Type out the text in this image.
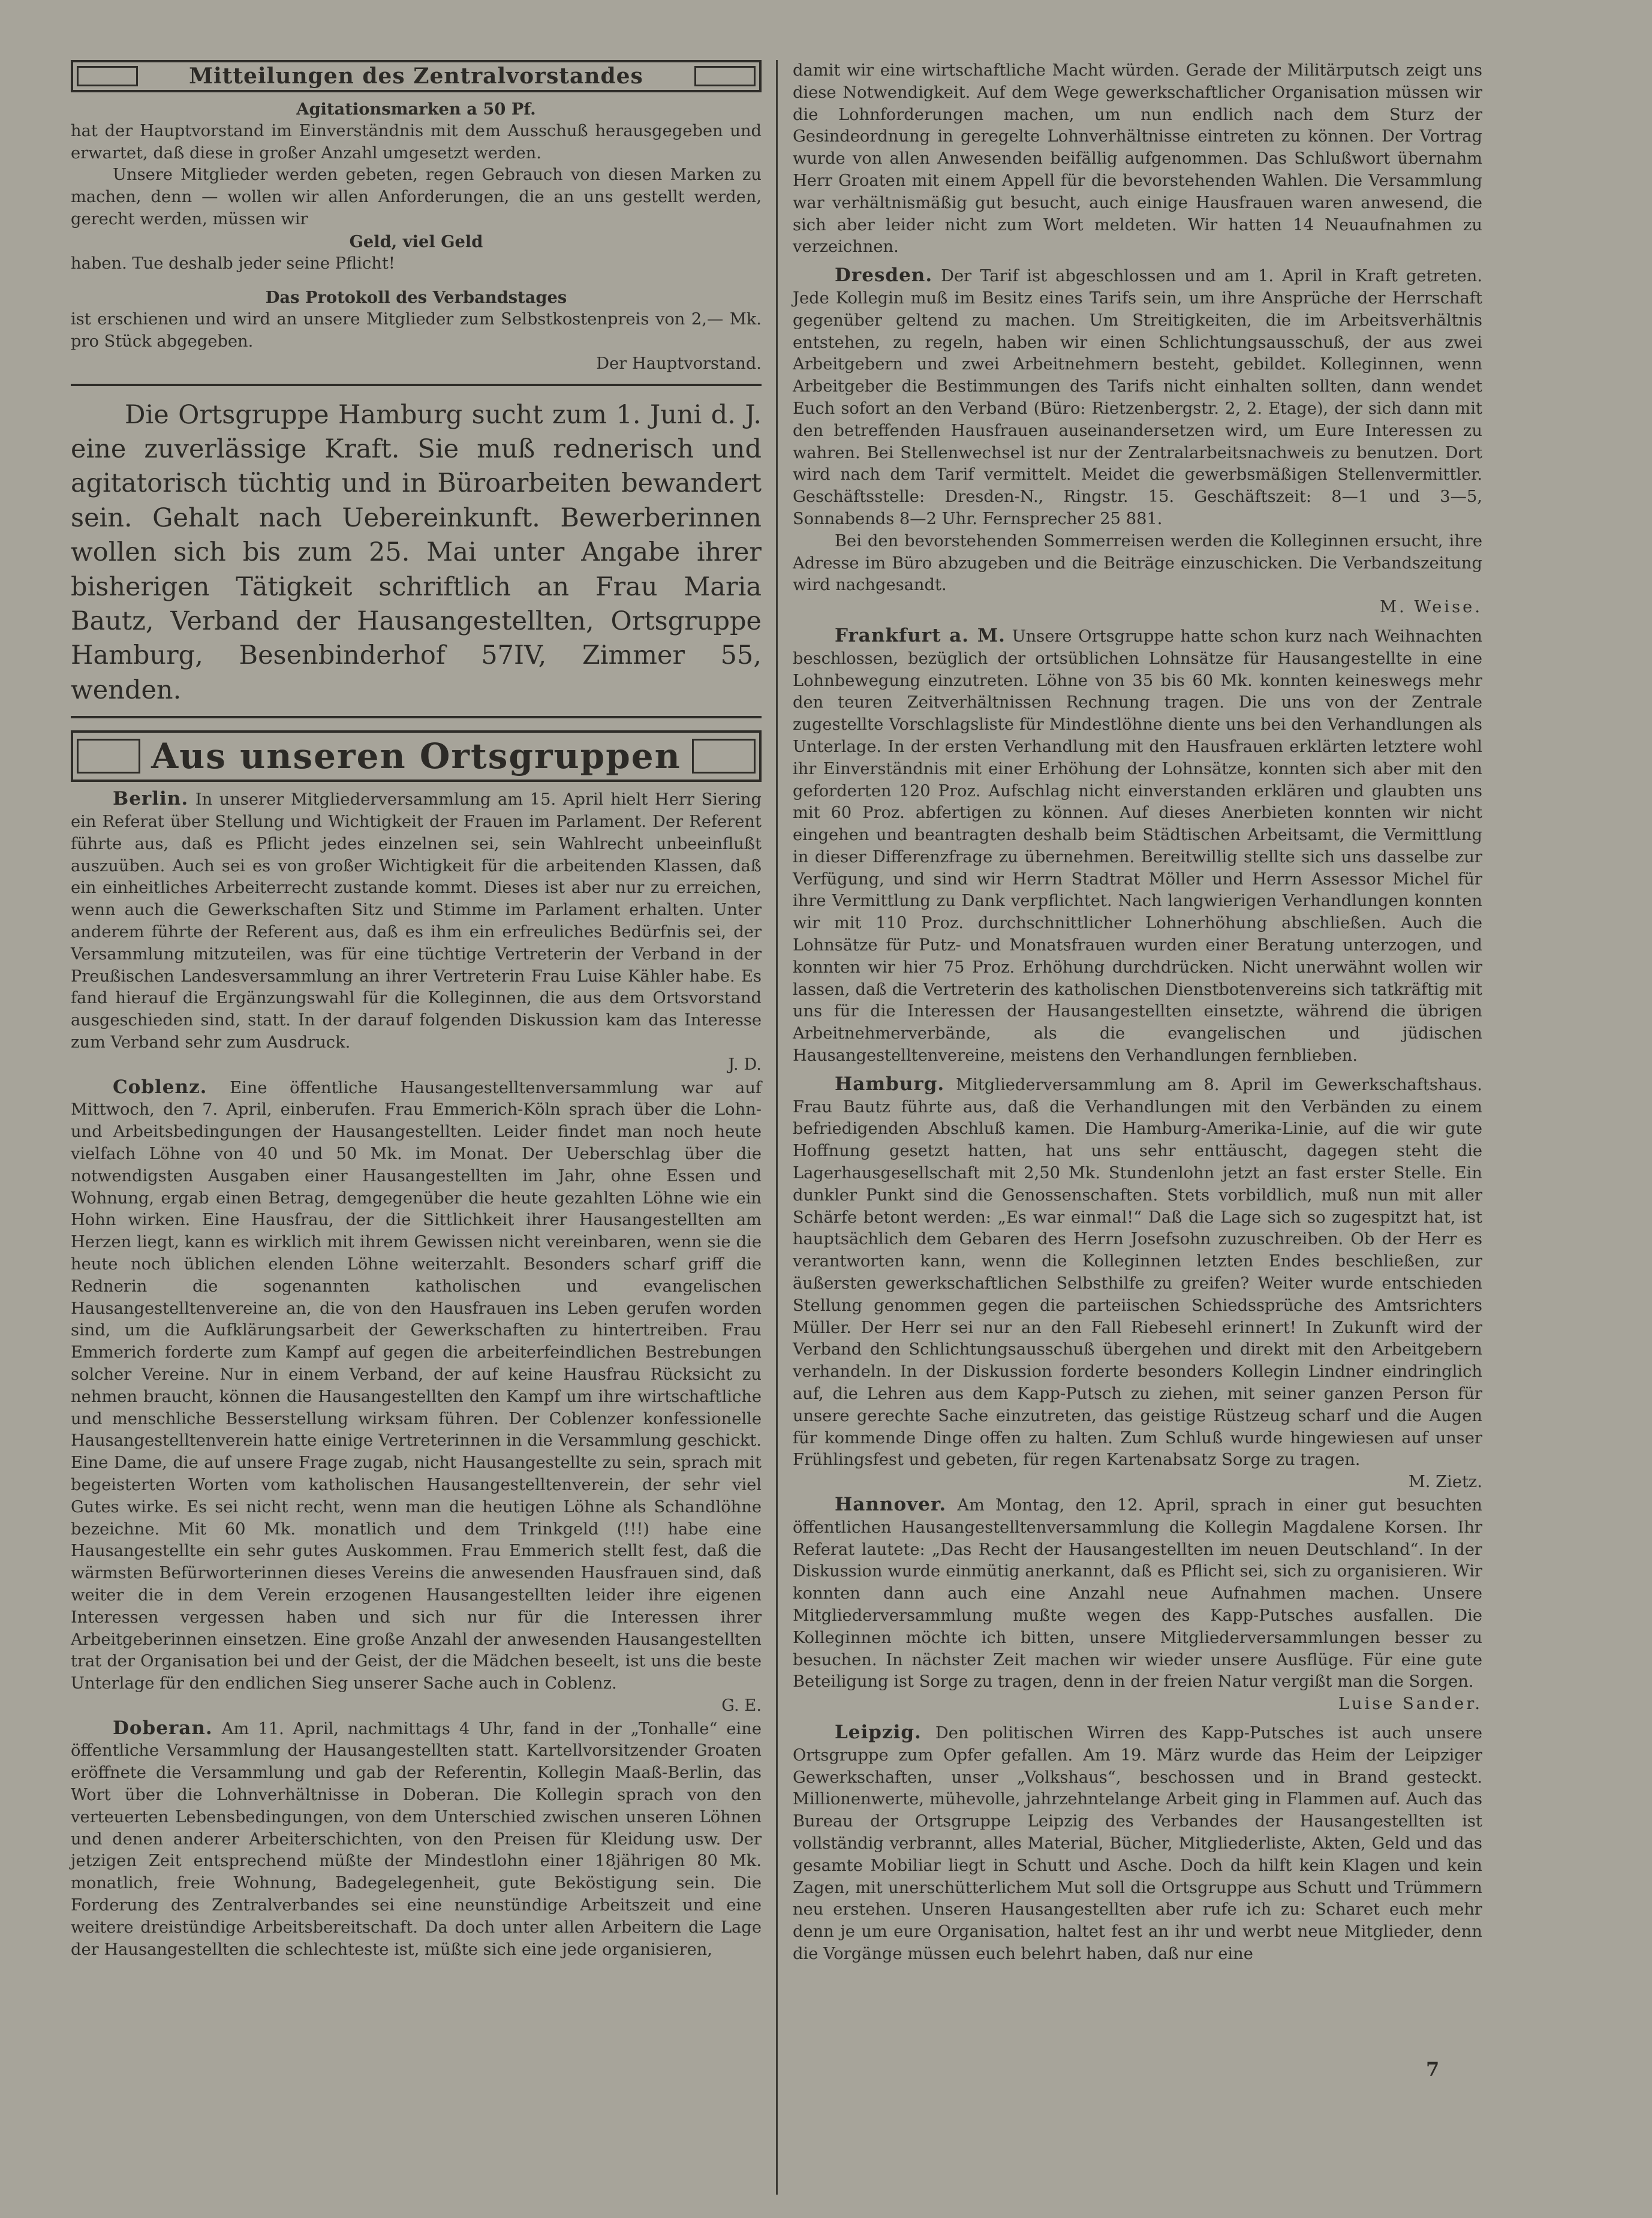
Mitteilungen des Zentralvorstandes

Agitationsmarken a 50 Pf.

hat der Hauptvorstand im Einverständnis mit dem Ausschuß herausgegeben und erwartet, daß diese in großer Anzahl umgesetzt werden.

Unsere Mitglieder werden gebeten, regen Gebrauch von diesen Marken zu machen, denn — wollen wir allen Anforderungen, die an uns gestellt werden, gerecht werden, müssen wir

Geld, viel Geld

haben. Tue deshalb jeder seine Pflicht!

Das Protokoll des Verbandstages

ist erschienen und wird an unsere Mitglieder zum Selbstkostenpreis von 2,— Mk. pro Stück abgegeben.

Der Hauptvorstand.

Die Ortsgruppe Hamburg sucht zum 1. Juni d. J. eine zuverlässige Kraft. Sie muß rednerisch und agitatorisch tüchtig und in Büroarbeiten bewandert sein. Gehalt nach Uebereinkunft. Bewerberinnen wollen sich bis zum 25. Mai unter Angabe ihrer bisherigen Tätigkeit schriftlich an Frau Maria Bautz, Verband der Hausangestellten, Ortsgruppe Hamburg, Besenbinderhof 57IV, Zimmer 55, wenden.

Aus unseren Ortsgruppen

Berlin. In unserer Mitgliederversammlung am 15. April hielt Herr Siering ein Referat über Stellung und Wichtigkeit der Frauen im Parlament. Der Referent führte aus, daß es Pflicht jedes einzelnen sei, sein Wahlrecht unbeeinflußt auszuüben. Auch sei es von großer Wichtigkeit für die arbeitenden Klassen, daß ein einheitliches Arbeiterrecht zustande kommt. Dieses ist aber nur zu erreichen, wenn auch die Gewerkschaften Sitz und Stimme im Parlament erhalten. Unter anderem führte der Referent aus, daß es ihm ein erfreuliches Bedürfnis sei, der Versammlung mitzuteilen, was für eine tüchtige Vertreterin der Verband in der Preußischen Landesversammlung an ihrer Vertreterin Frau Luise Kähler habe. Es fand hierauf die Ergänzungswahl für die Kolleginnen, die aus dem Ortsvorstand ausgeschieden sind, statt. In der darauf folgenden Diskussion kam das Interesse zum Verband sehr zum Ausdruck.

J. D.

Coblenz. Eine öffentliche Hausangestelltenversammlung war auf Mittwoch, den 7. April, einberufen. Frau Emmerich-Köln sprach über die Lohn- und Arbeitsbedingungen der Hausangestellten. Leider findet man noch heute vielfach Löhne von 40 und 50 Mk. im Monat. Der Ueberschlag über die notwendigsten Ausgaben einer Hausangestellten im Jahr, ohne Essen und Wohnung, ergab einen Betrag, demgegenüber die heute gezahlten Löhne wie ein Hohn wirken. Eine Hausfrau, der die Sittlichkeit ihrer Hausangestellten am Herzen liegt, kann es wirklich mit ihrem Gewissen nicht vereinbaren, wenn sie die heute noch üblichen elenden Löhne weiterzahlt. Besonders scharf griff die Rednerin die sogenannten katholischen und evangelischen Hausangestelltenvereine an, die von den Hausfrauen ins Leben gerufen worden sind, um die Aufklärungsarbeit der Gewerkschaften zu hintertreiben. Frau Emmerich forderte zum Kampf auf gegen die arbeiterfeindlichen Bestrebungen solcher Vereine. Nur in einem Verband, der auf keine Hausfrau Rücksicht zu nehmen braucht, können die Hausangestellten den Kampf um ihre wirtschaftliche und menschliche Besserstellung wirksam führen. Der Coblenzer konfessionelle Hausangestelltenverein hatte einige Vertreterinnen in die Versammlung geschickt. Eine Dame, die auf unsere Frage zugab, nicht Hausangestellte zu sein, sprach mit begeisterten Worten vom katholischen Hausangestelltenverein, der sehr viel Gutes wirke. Es sei nicht recht, wenn man die heutigen Löhne als Schandlöhne bezeichne. Mit 60 Mk. monatlich und dem Trinkgeld (!!!) habe eine Hausangestellte ein sehr gutes Auskommen. Frau Emmerich stellt fest, daß die wärmsten Befürworterinnen dieses Vereins die anwesenden Hausfrauen sind, daß weiter die in dem Verein erzogenen Hausangestellten leider ihre eigenen Interessen vergessen haben und sich nur für die Interessen ihrer Arbeitgeberinnen einsetzen. Eine große Anzahl der anwesenden Hausangestellten trat der Organisation bei und der Geist, der die Mädchen beseelt, ist uns die beste Unterlage für den endlichen Sieg unserer Sache auch in Coblenz.

G. E.

Doberan. Am 11. April, nachmittags 4 Uhr, fand in der „Tonhalle“ eine öffentliche Versammlung der Hausangestellten statt. Kartellvorsitzender Groaten eröffnete die Versammlung und gab der Referentin, Kollegin Maaß-Berlin, das Wort über die Lohnverhältnisse in Doberan. Die Kollegin sprach von den verteuerten Lebensbedingungen, von dem Unterschied zwischen unseren Löhnen und denen anderer Arbeiterschichten, von den Preisen für Kleidung usw. Der jetzigen Zeit entsprechend müßte der Mindestlohn einer 18jährigen 80 Mk. monatlich, freie Wohnung, Badegelegenheit, gute Beköstigung sein. Die Forderung des Zentralverbandes sei eine neunstündige Arbeitszeit und eine weitere dreistündige Arbeitsbereitschaft. Da doch unter allen Arbeitern die Lage der Hausangestellten die schlechteste ist, müßte sich eine jede organisieren,

damit wir eine wirtschaftliche Macht würden. Gerade der Militärputsch zeigt uns diese Notwendigkeit. Auf dem Wege gewerkschaftlicher Organisation müssen wir die Lohnforderungen machen, um nun endlich nach dem Sturz der Gesindeordnung in geregelte Lohnverhältnisse eintreten zu können. Der Vortrag wurde von allen Anwesenden beifällig aufgenommen. Das Schlußwort übernahm Herr Groaten mit einem Appell für die bevorstehenden Wahlen. Die Versammlung war verhältnismäßig gut besucht, auch einige Hausfrauen waren anwesend, die sich aber leider nicht zum Wort meldeten. Wir hatten 14 Neuaufnahmen zu verzeichnen.

Dresden. Der Tarif ist abgeschlossen und am 1. April in Kraft getreten. Jede Kollegin muß im Besitz eines Tarifs sein, um ihre Ansprüche der Herrschaft gegenüber geltend zu machen. Um Streitigkeiten, die im Arbeitsverhältnis entstehen, zu regeln, haben wir einen Schlichtungsausschuß, der aus zwei Arbeitgebern und zwei Arbeitnehmern besteht, gebildet. Kolleginnen, wenn Arbeitgeber die Bestimmungen des Tarifs nicht einhalten sollten, dann wendet Euch sofort an den Verband (Büro: Rietzenbergstr. 2, 2. Etage), der sich dann mit den betreffenden Hausfrauen auseinandersetzen wird, um Eure Interessen zu wahren. Bei Stellenwechsel ist nur der Zentralarbeitsnachweis zu benutzen. Dort wird nach dem Tarif vermittelt. Meidet die gewerbsmäßigen Stellenvermittler. Geschäftsstelle: Dresden-N., Ringstr. 15. Geschäftszeit: 8—1 und 3—5, Sonnabends 8—2 Uhr. Fernsprecher 25 881.

Bei den bevorstehenden Sommerreisen werden die Kolleginnen ersucht, ihre Adresse im Büro abzugeben und die Beiträge einzuschicken. Die Verbandszeitung wird nachgesandt.

M. Weise.

Frankfurt a. M. Unsere Ortsgruppe hatte schon kurz nach Weihnachten beschlossen, bezüglich der ortsüblichen Lohnsätze für Hausangestellte in eine Lohnbewegung einzutreten. Löhne von 35 bis 60 Mk. konnten keineswegs mehr den teuren Zeitverhältnissen Rechnung tragen. Die uns von der Zentrale zugestellte Vorschlagsliste für Mindestlöhne diente uns bei den Verhandlungen als Unterlage. In der ersten Verhandlung mit den Hausfrauen erklärten letztere wohl ihr Einverständnis mit einer Erhöhung der Lohnsätze, konnten sich aber mit den geforderten 120 Proz. Aufschlag nicht einverstanden erklären und glaubten uns mit 60 Proz. abfertigen zu können. Auf dieses Anerbieten konnten wir nicht eingehen und beantragten deshalb beim Städtischen Arbeitsamt, die Vermittlung in dieser Differenzfrage zu übernehmen. Bereitwillig stellte sich uns dasselbe zur Verfügung, und sind wir Herrn Stadtrat Möller und Herrn Assessor Michel für ihre Vermittlung zu Dank verpflichtet. Nach langwierigen Verhandlungen konnten wir mit 110 Proz. durchschnittlicher Lohnerhöhung abschließen. Auch die Lohnsätze für Putz- und Monatsfrauen wurden einer Beratung unterzogen, und konnten wir hier 75 Proz. Erhöhung durchdrücken. Nicht unerwähnt wollen wir lassen, daß die Vertreterin des katholischen Dienstbotenvereins sich tatkräftig mit uns für die Interessen der Hausangestellten einsetzte, während die übrigen Arbeitnehmerverbände, als die evangelischen und jüdischen Hausangestelltenvereine, meistens den Verhandlungen fernblieben.

Hamburg. Mitgliederversammlung am 8. April im Gewerkschaftshaus. Frau Bautz führte aus, daß die Verhandlungen mit den Verbänden zu einem befriedigenden Abschluß kamen. Die Hamburg-Amerika-Linie, auf die wir gute Hoffnung gesetzt hatten, hat uns sehr enttäuscht, dagegen steht die Lagerhausgesellschaft mit 2,50 Mk. Stundenlohn jetzt an fast erster Stelle. Ein dunkler Punkt sind die Genossenschaften. Stets vorbildlich, muß nun mit aller Schärfe betont werden: „Es war einmal!“ Daß die Lage sich so zugespitzt hat, ist hauptsächlich dem Gebaren des Herrn Josefsohn zuzuschreiben. Ob der Herr es verantworten kann, wenn die Kolleginnen letzten Endes beschließen, zur äußersten gewerkschaftlichen Selbsthilfe zu greifen? Weiter wurde entschieden Stellung genommen gegen die parteiischen Schiedssprüche des Amtsrichters Müller. Der Herr sei nur an den Fall Riebesehl erinnert! In Zukunft wird der Verband den Schlichtungsausschuß übergehen und direkt mit den Arbeitgebern verhandeln. In der Diskussion forderte besonders Kollegin Lindner eindringlich auf, die Lehren aus dem Kapp-Putsch zu ziehen, mit seiner ganzen Person für unsere gerechte Sache einzutreten, das geistige Rüstzeug scharf und die Augen für kommende Dinge offen zu halten. Zum Schluß wurde hingewiesen auf unser Frühlingsfest und gebeten, für regen Kartenabsatz Sorge zu tragen.

M. Zietz.

Hannover. Am Montag, den 12. April, sprach in einer gut besuchten öffentlichen Hausangestelltenversammlung die Kollegin Magdalene Korsen. Ihr Referat lautete: „Das Recht der Hausangestellten im neuen Deutschland“. In der Diskussion wurde einmütig anerkannt, daß es Pflicht sei, sich zu organisieren. Wir konnten dann auch eine Anzahl neue Aufnahmen machen. Unsere Mitgliederversammlung mußte wegen des Kapp-Putsches ausfallen. Die Kolleginnen möchte ich bitten, unsere Mitgliederversammlungen besser zu besuchen. In nächster Zeit machen wir wieder unsere Ausflüge. Für eine gute Beteiligung ist Sorge zu tragen, denn in der freien Natur vergißt man die Sorgen.

Luise Sander.

Leipzig. Den politischen Wirren des Kapp-Putsches ist auch unsere Ortsgruppe zum Opfer gefallen. Am 19. März wurde das Heim der Leipziger Gewerkschaften, unser „Volkshaus“, beschossen und in Brand gesteckt. Millionenwerte, mühevolle, jahrzehntelange Arbeit ging in Flammen auf. Auch das Bureau der Ortsgruppe Leipzig des Verbandes der Hausangestellten ist vollständig verbrannt, alles Material, Bücher, Mitgliederliste, Akten, Geld und das gesamte Mobiliar liegt in Schutt und Asche. Doch da hilft kein Klagen und kein Zagen, mit unerschütterlichem Mut soll die Ortsgruppe aus Schutt und Trümmern neu erstehen. Unseren Hausangestellten aber rufe ich zu: Scharet euch mehr denn je um eure Organisation, haltet fest an ihr und werbt neue Mitglieder, denn die Vorgänge müssen euch belehrt haben, daß nur eine

7
